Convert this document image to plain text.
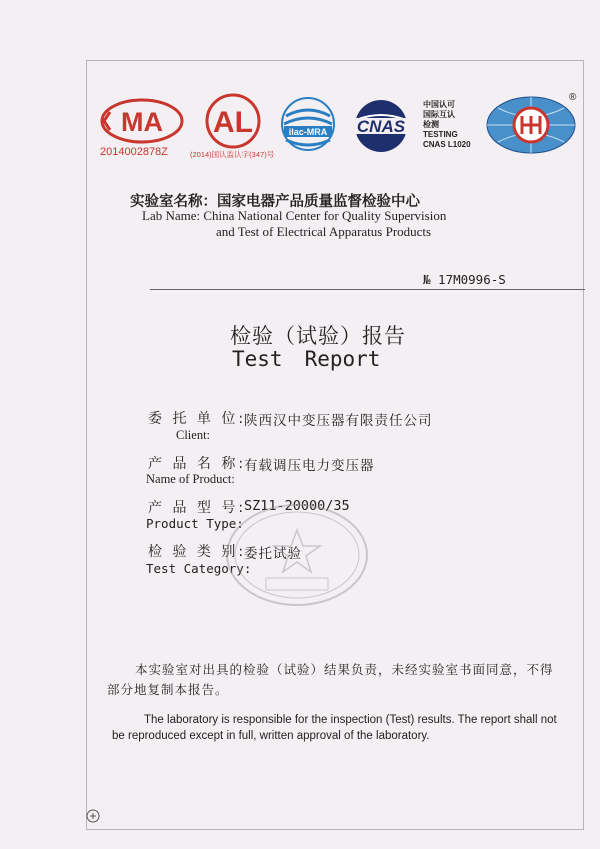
MA
2014002878Z
AL
(2014)国认监认字(347)号
ilac-MRA CNAS
中国认可
国际互认
检测
TESTING
CNAS L1020
®
实验室名称：国家电器产品质量监督检验中心
Lab Name: China National Center for Quality Supervision
and Test of Electrical Apparatus Products
№ 17M0996-S
检验（试验）报告
Test Report
委 托 单 位:
陕西汉中变压器有限责任公司
Client:
产 品 名 称:
有载调压电力变压器
Name of Product:
产 品 型 号:
SZ11-20000/35
Product Type:
检 验 类 别:
委托试验
Test Category:
本实验室对出具的检验（试验）结果负责，未经实验室书面同意，不得部分地复制本报告。
The laboratory is responsible for the inspection (Test) results. The report shall not be reproduced except in full, written approval of the laboratory.
